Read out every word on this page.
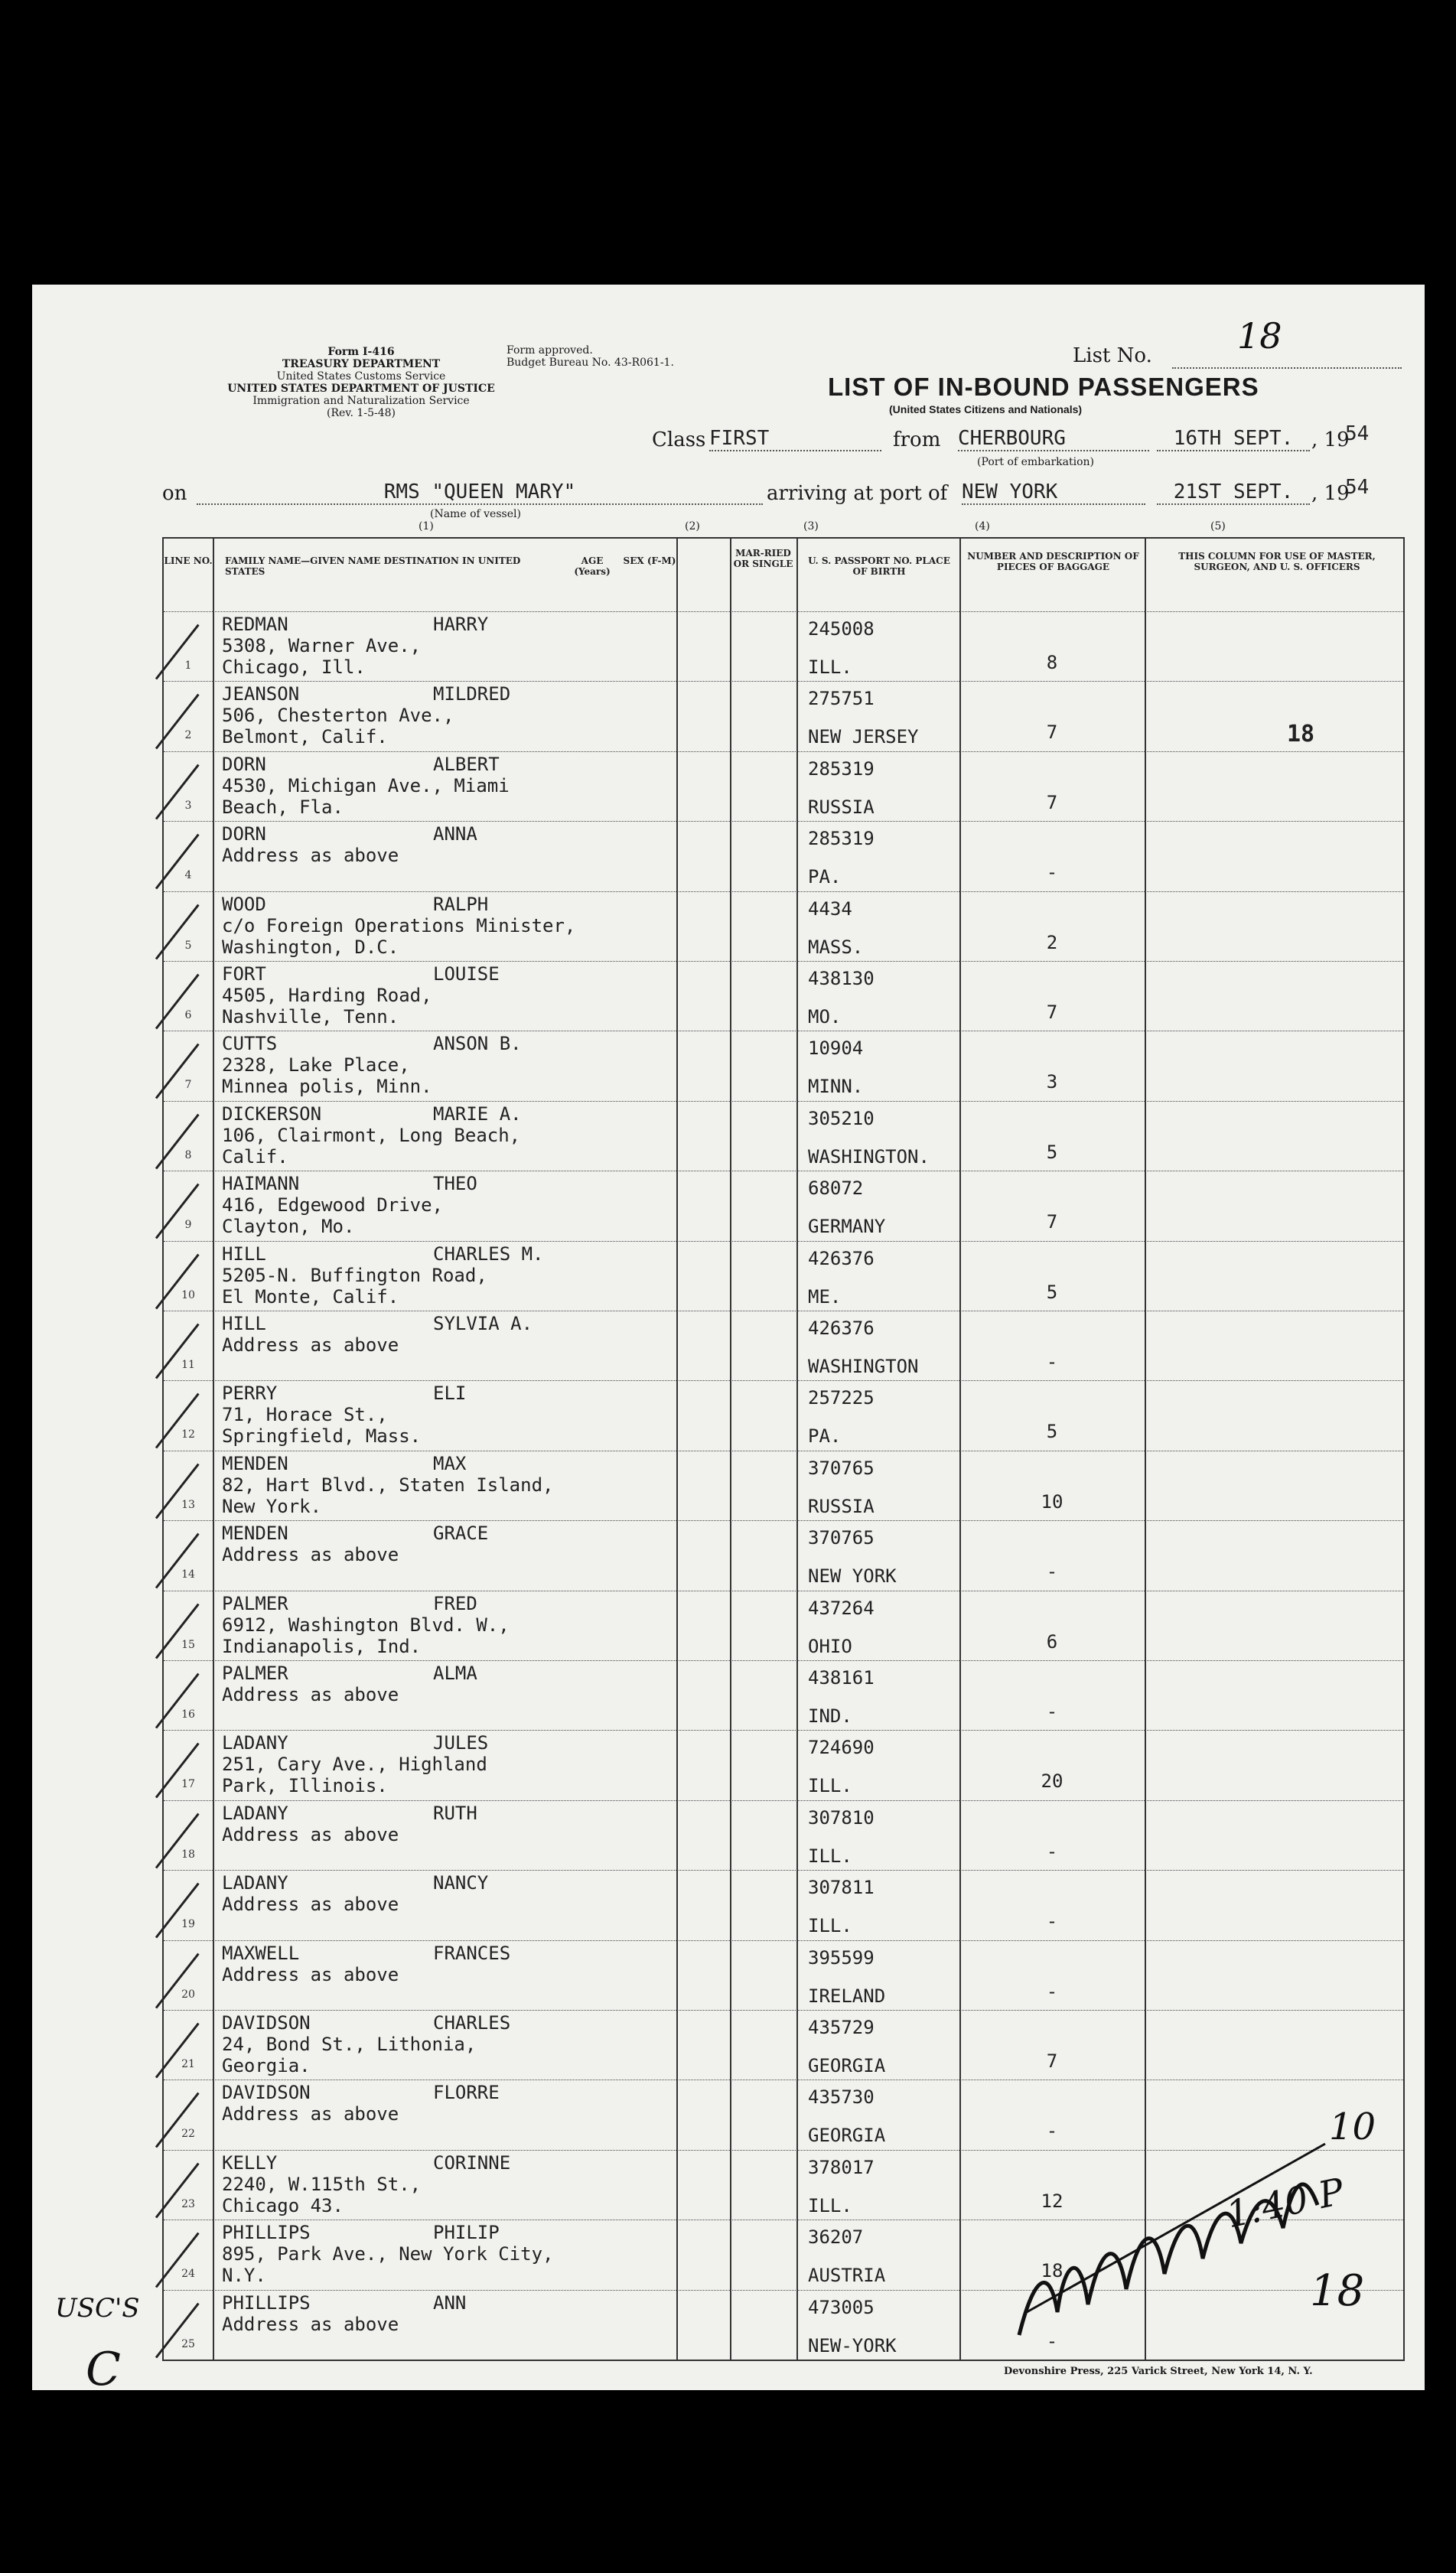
Form I-416
TREASURY DEPARTMENT
United States Customs Service
UNITED STATES DEPARTMENT OF JUSTICE
Immigration and Naturalization Service
(Rev. 1-5-48)
Form approved.
Budget Bureau No. 43-R061-1.
LIST OF IN-BOUND PASSENGERS
(United States Citizens and Nationals)
List No. 18
Class FIRST	from CHERBOURG	16TH SEPT. , 19
54
(Port of embarkation)
on	RMS "QUEEN MARY"
(Name of vessel)
arriving at port of NEW YORK	21ST SEPT. , 19
54
(1)	(2)	(3)	(4)	(5)
LINE NO. FAMILY NAME—GIVEN NAME DESTINATION IN UNITED STATES
AGE (Years)
SEX (F-M)
MAR-RIED OR SINGLE	U. S. PASSPORT NO. PLACE OF BIRTH
NUMBER AND DESCRIPTION OF PIECES OF BAGGAGE
THIS COLUMN FOR USE OF MASTER, SURGEON, AND U. S. OFFICERS
1
REDMAN	HARRY
5308, Warner Ave.,
Chicago, Ill.
245008
ILL.	8
2
JEANSON	MILDRED
506, Chesterton Ave.,
Belmont, Calif.
275751
NEW JERSEY	7
3
DORN	ALBERT
4530, Michigan Ave., Miami
Beach, Fla.
285319
RUSSIA	7
4
DORN	ANNA
Address as above
285319
PA.	-
5
WOOD	RALPH
c/o Foreign Operations Minister,
Washington, D.C.
4434
MASS.	2
6
FORT	LOUISE
4505, Harding Road,
Nashville, Tenn.
438130
MO.	7
7
CUTTS	ANSON B.
2328, Lake Place,
Minnea polis, Minn.
10904
MINN.	3
8
DICKERSON	MARIE A.
106, Clairmont, Long Beach,
Calif.
305210
WASHINGTON.	5
9
HAIMANN	THEO
416, Edgewood Drive,
Clayton, Mo.
68072
GERMANY	7
10
HILL	CHARLES M.
5205-N. Buffington Road,
El Monte, Calif.
426376
ME.	5
11
HILL	SYLVIA A.
Address as above
426376
WASHINGTON	-
12
PERRY	ELI
71, Horace St.,
Springfield, Mass.
257225
PA.	5
13
MENDEN	MAX
82, Hart Blvd., Staten Island,
New York.
370765
RUSSIA	10
14
MENDEN	GRACE
Address as above
370765
NEW YORK	-
15
PALMER	FRED
6912, Washington Blvd. W.,
Indianapolis, Ind.
437264
OHIO	6
16
PALMER	ALMA
Address as above
438161
IND.	-
17
LADANY	JULES
251, Cary Ave., Highland
Park, Illinois.
724690
ILL.	20
18
LADANY	RUTH
Address as above
307810
ILL.	-
19
LADANY	NANCY
Address as above
307811
ILL.	-
20
MAXWELL	FRANCES
Address as above
395599
IRELAND	-
21
DAVIDSON	CHARLES
24, Bond St., Lithonia,
Georgia.
435729
GEORGIA	7
22
DAVIDSON	FLORRE
Address as above
435730
GEORGIA	-
23
KELLY	CORINNE
2240, W.115th St.,
Chicago 43.
378017
ILL.	12
24
PHILLIPS	PHILIP
895, Park Ave., New York City,
N.Y.
36207
AUSTRIA	18
25
PHILLIPS	ANN
Address as above
473005
NEW-YORK	-
18
USC'S
C
10
1:40 P
18
Devonshire Press, 225 Varick Street, New York 14, N. Y.
